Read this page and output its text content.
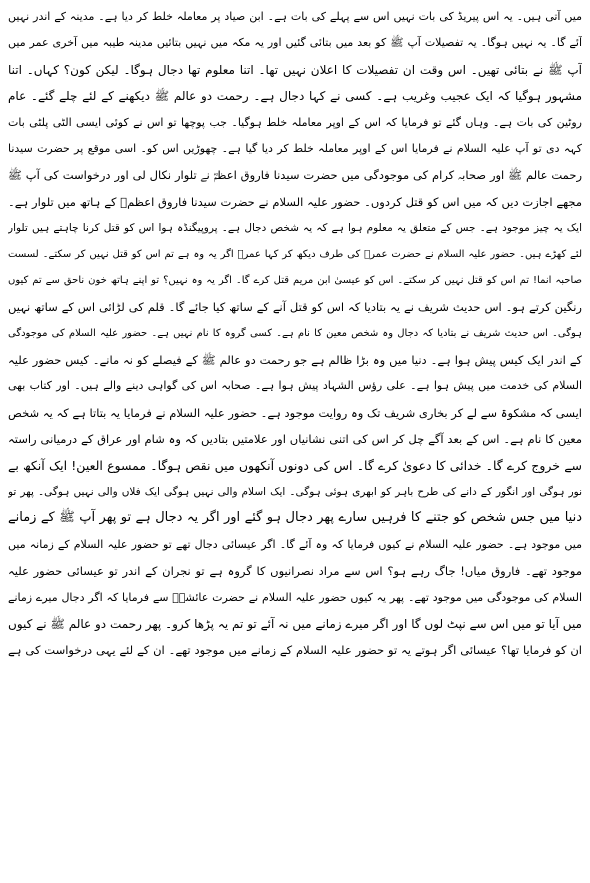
میں آتی ہیں۔ یہ اس پیریڈ کی بات نہیں اس سے پہلے کی بات ہے۔ ابن صیاد پر معاملہ خلط کر دیا ہے۔ مدینہ کے اندر نہیں
آئے گا۔ یہ نہیں ہوگا۔ یہ تفصیلات آپ ﷺ کو بعد میں بتائی گئیں اور یہ مکہ میں نہیں بتائیں مدینہ طیبہ میں آخری عمر میں
آپ ﷺ نے بتائی تھیں۔ اس وقت ان تفصیلات کا اعلان نہیں تھا۔ اتنا معلوم تھا دجال ہوگا۔ لیکن کون؟ کہاں۔ اتنا
مشہور ہوگیا کہ ایک عجیب وغریب ہے۔ کسی نے کہا دجال ہے۔ رحمت دو عالم ﷺ دیکھنے کے لئے چلے گئے۔ عام
روٹین کی بات ہے۔ وہاں گئے تو فرمایا کہ اس کے اوپر معاملہ خلط ہوگیا۔ جب پوچھا تو اس نے کوئی ایسی الٹی پلٹی بات
کہہ دی تو آپ علیہ السلام نے فرمایا اس کے اوپر معاملہ خلط کر دیا گیا ہے۔ چھوڑیں اس کو۔ اسی موقع پر حضرت سیدنا
رحمت عالم ﷺ اور صحابہ کرام کی موجودگی میں حضرت سیدنا فاروق اعظمؓ نے تلوار نکال لی اور درخواست کی آپ ﷺ
مجھے اجازت دیں کہ میں اس کو قتل کردوں۔ حضور علیہ السلام نے حضرت سیدنا فاروق اعظمؓ کے ہاتھ میں تلوار ہے۔
ایک یہ چیز موجود ہے۔ جس کے متعلق یہ معلوم ہوا ہے کہ یہ شخص دجال ہے۔ پروپیگنڈہ ہوا اس کو قتل کرنا چاہتے ہیں تلوار
لئے کھڑے ہیں۔ حضور علیہ السلام نے حضرت عمرؓ کی طرف دیکھ کر کہا عمرؓ اگر یہ وہ ہے تم اس کو قتل نہیں کر سکتے۔ لسست
صاحبہ انما! تم اس کو قتل نہیں کر سکتے۔ اس کو عیسیٰ ابن مریم قتل کرے گا۔ اگر یہ وہ نہیں؟ تو اپنے ہاتھ خون ناحق سے تم کیوں
رنگین کرتے ہو۔ اس حدیث شریف نے یہ بتادیا کہ اس کو قتل آنے کے ساتھ کیا جائے گا۔ قلم کی لڑائی اس کے ساتھ نہیں
ہوگی۔ اس حدیث شریف نے بتادیا کہ دجال وہ شخص معین کا نام ہے۔ کسی گروہ کا نام نہیں ہے۔ حضور علیہ السلام کی موجودگی
کے اندر ایک کیس پیش ہوا ہے۔ دنیا میں وہ بڑا ظالم ہے جو رحمت دو عالم ﷺ کے فیصلے کو نہ مانے۔ کیس حضور علیہ
السلام کی خدمت میں پیش ہوا ہے۔ علی رؤس الشہاد پیش ہوا ہے۔ صحابہ اس کی گواہی دینے والے ہیں۔ اور کتاب بھی
ایسی کہ مشکوۃ سے لے کر بخاری شریف تک وہ روایت موجود ہے۔ حضور علیہ السلام نے فرمایا یہ بتاتا ہے کہ یہ شخص
معین کا نام ہے۔ اس کے بعد آگے چل کر اس کی اتنی نشانیاں اور علامتیں بتادیں کہ وہ شام اور عراق کے درمیانی راستہ
سے خروج کرے گا۔ خدائی کا دعویٰ کرے گا۔ اس کی دونوں آنکھوں میں نقص ہوگا۔ ممسوع العین! ایک آنکھ بے
نور ہوگی اور انگور کے دانے کی طرح باہر کو ابھری ہوئی ہوگی۔ ایک اسلام والی نہیں ہوگی ایک فلاں والی نہیں ہوگی۔ پھر تو
دنیا میں جس شخص کو جتنے کا فرہیں سارے پھر دجال ہو گئے اور اگر یہ دجال ہے تو پھر آپ ﷺ کے زمانے
میں موجود ہے۔ حضور علیہ السلام نے کیوں فرمایا کہ وہ آئے گا۔ اگر عیسائی دجال تھے تو حضور علیہ السلام کے زمانہ میں
موجود تھے۔ فاروق میاں! جاگ رہے ہو؟ اس سے مراد نصرانیوں کا گروہ ہے تو نجران کے اندر تو عیسائی حضور علیہ
السلام کی موجودگی میں موجود تھے۔ پھر یہ کیوں حضور علیہ السلام نے حضرت عائشہؓ سے فرمایا کہ اگر دجال میرے زمانے
میں آیا تو میں اس سے نپٹ لوں گا اور اگر میرے زمانے میں نہ آئے تو تم یہ پڑھا کرو۔ پھر رحمت دو عالم ﷺ نے کیوں
ان کو فرمایا تھا؟ عیسائی اگر ہوتے یہ تو حضور علیہ السلام کے زمانے میں موجود تھے۔ ان کے لئے یہی درخواست کی ہے
